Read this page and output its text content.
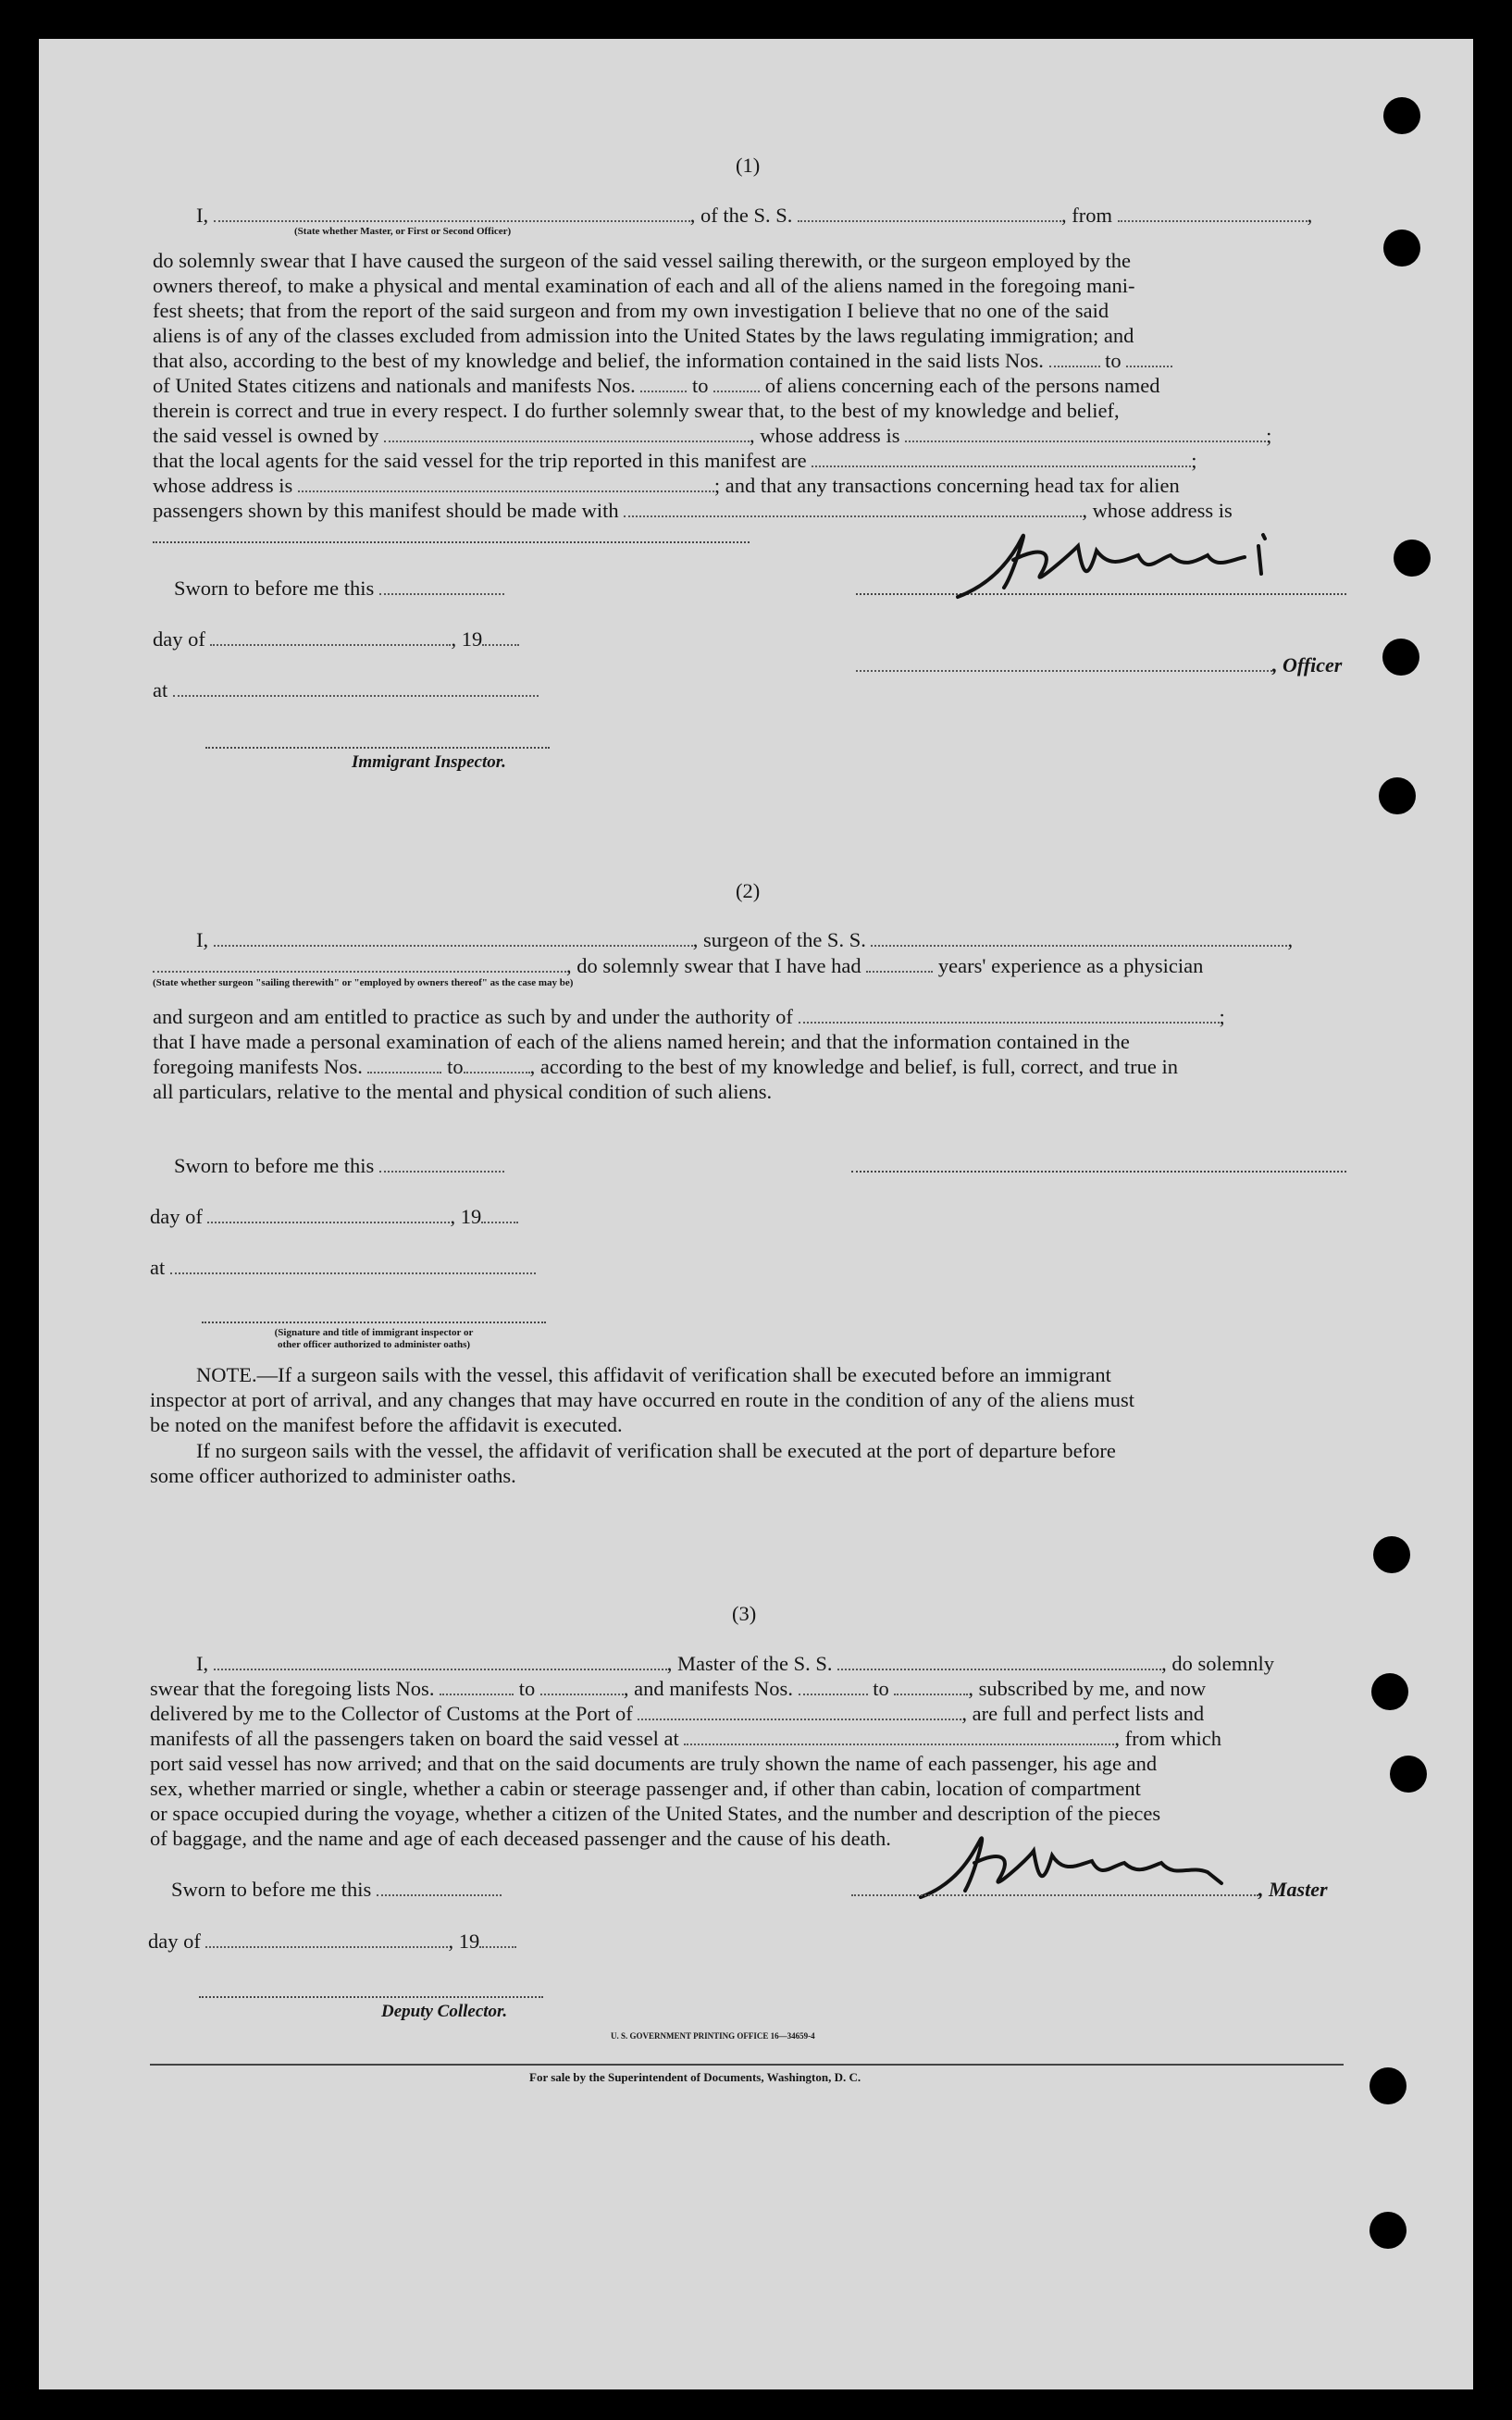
(1)
I,	, of the S. S.	, from	,
(State whether Master, or First or Second Officer)
do solemnly swear that I have caused the surgeon of the said vessel sailing therewith, or the surgeon employed by the
owners thereof, to make a physical and mental examination of each and all of the aliens named in the foregoing mani-
fest sheets; that from the report of the said surgeon and from my own investigation I believe that no one of the said
aliens is of any of the classes excluded from admission into the United States by the laws regulating immigration; and
that also, according to the best of my knowledge and belief, the information contained in the said lists Nos.	to
of United States citizens and nationals and manifests Nos.	to	of aliens concerning each of the persons named
therein is correct and true in every respect. I do further solemnly swear that, to the best of my knowledge and belief,
the said vessel is owned by	, whose address is	;
that the local agents for the said vessel for the trip reported in this manifest are	;
whose address is	; and that any transactions concerning head tax for alien
passengers shown by this manifest should be made with	, whose address is
Sworn to before me this
day of	, 19
at
Immigrant Inspector.
, Officer
(2)
I,	, surgeon of the S. S.	,
, do solemnly swear that I have had	years' experience as a physician
(State whether surgeon "sailing therewith" or "employed by owners thereof" as the case may be)
and surgeon and am entitled to practice as such by and under the authority of	;
that I have made a personal examination of each of the aliens named herein; and that the information contained in the
foregoing manifests Nos.	to	, according to the best of my knowledge and belief, is full, correct, and true in
all particulars, relative to the mental and physical condition of such aliens.
Sworn to before me this
day of	, 19
at
(Signature and title of immigrant inspector or
other officer authorized to administer oaths)
NOTE.—If a surgeon sails with the vessel, this affidavit of verification shall be executed before an immigrant
inspector at port of arrival, and any changes that may have occurred en route in the condition of any of the aliens must
be noted on the manifest before the affidavit is executed.
If no surgeon sails with the vessel, the affidavit of verification shall be executed at the port of departure before
some officer authorized to administer oaths.
(3)
I,	, Master of the S. S.	, do solemnly
swear that the foregoing lists Nos.	to	, and manifests Nos.	to	, subscribed by me, and now
delivered by me to the Collector of Customs at the Port of	, are full and perfect lists and
manifests of all the passengers taken on board the said vessel at	, from which
port said vessel has now arrived; and that on the said documents are truly shown the name of each passenger, his age and
sex, whether married or single, whether a cabin or steerage passenger and, if other than cabin, location of compartment
or space occupied during the voyage, whether a citizen of the United States, and the number and description of the pieces
of baggage, and the name and age of each deceased passenger and the cause of his death.
Sworn to before me this	, Master
day of	, 19
Deputy Collector.
U. S. GOVERNMENT PRINTING OFFICE 16—34659-4
For sale by the Superintendent of Documents, Washington, D. C.
